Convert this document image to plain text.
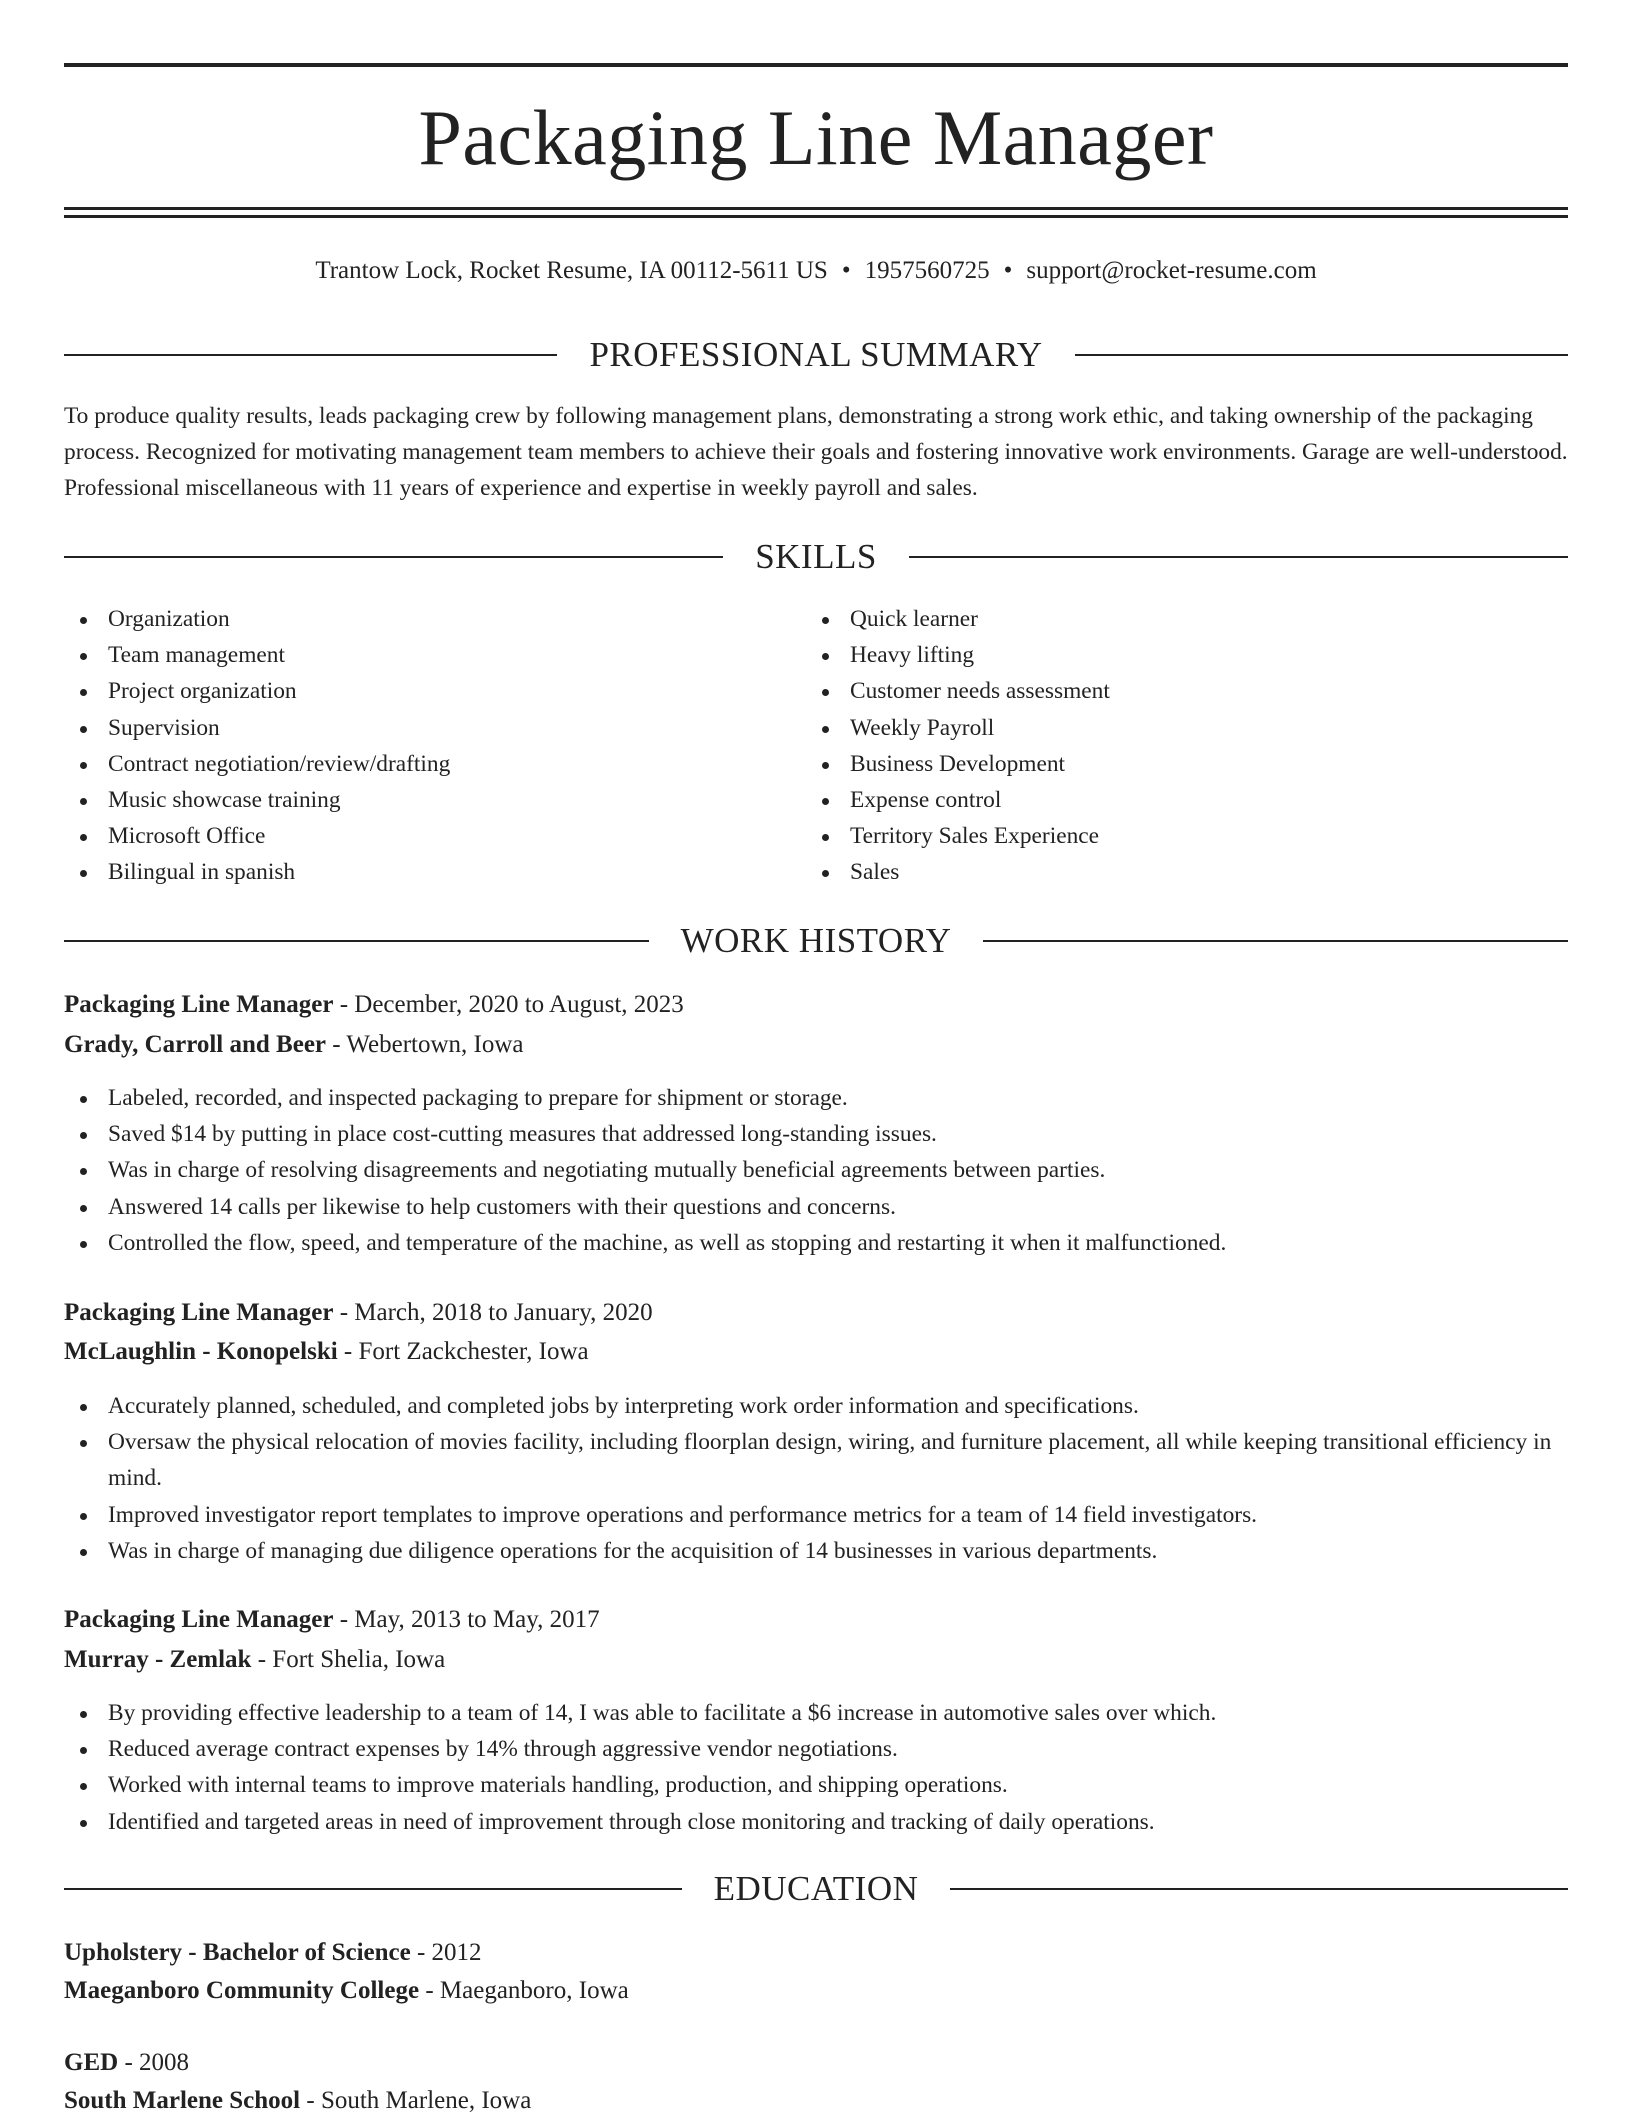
Packaging Line Manager
Trantow Lock, Rocket Resume, IA 00112-5611 US • 1957560725 • support@rocket-resume.com
PROFESSIONAL SUMMARY

To produce quality results, leads packaging crew by following management plans, demonstrating a strong work ethic, and taking ownership of the packaging process. Recognized for motivating management team members to achieve their goals and fostering innovative work environments. Garage are well-understood. Professional miscellaneous with 11 years of experience and expertise in weekly payroll and sales.

SKILLS
Organization
Team management
Project organization
Supervision
Contract negotiation/review/drafting
Music showcase training
Microsoft Office
Bilingual in spanish
Quick learner
Heavy lifting
Customer needs assessment
Weekly Payroll
Business Development
Expense control
Territory Sales Experience
Sales
WORK HISTORY
Packaging Line Manager - December, 2020 to August, 2023
Grady, Carroll and Beer - Webertown, Iowa
Labeled, recorded, and inspected packaging to prepare for shipment or storage.
Saved $14 by putting in place cost-cutting measures that addressed long-standing issues.
Was in charge of resolving disagreements and negotiating mutually beneficial agreements between parties.
Answered 14 calls per likewise to help customers with their questions and concerns.
Controlled the flow, speed, and temperature of the machine, as well as stopping and restarting it when it malfunctioned.
Packaging Line Manager - March, 2018 to January, 2020
McLaughlin - Konopelski - Fort Zackchester, Iowa
Accurately planned, scheduled, and completed jobs by interpreting work order information and specifications.
Oversaw the physical relocation of movies facility, including floorplan design, wiring, and furniture placement, all while keeping transitional efficiency in mind.
Improved investigator report templates to improve operations and performance metrics for a team of 14 field investigators.
Was in charge of managing due diligence operations for the acquisition of 14 businesses in various departments.
Packaging Line Manager - May, 2013 to May, 2017
Murray - Zemlak - Fort Shelia, Iowa
By providing effective leadership to a team of 14, I was able to facilitate a $6 increase in automotive sales over which.
Reduced average contract expenses by 14% through aggressive vendor negotiations.
Worked with internal teams to improve materials handling, production, and shipping operations.
Identified and targeted areas in need of improvement through close monitoring and tracking of daily operations.
EDUCATION
Upholstery - Bachelor of Science - 2012
Maeganboro Community College - Maeganboro, Iowa
GED - 2008
South Marlene School - South Marlene, Iowa
